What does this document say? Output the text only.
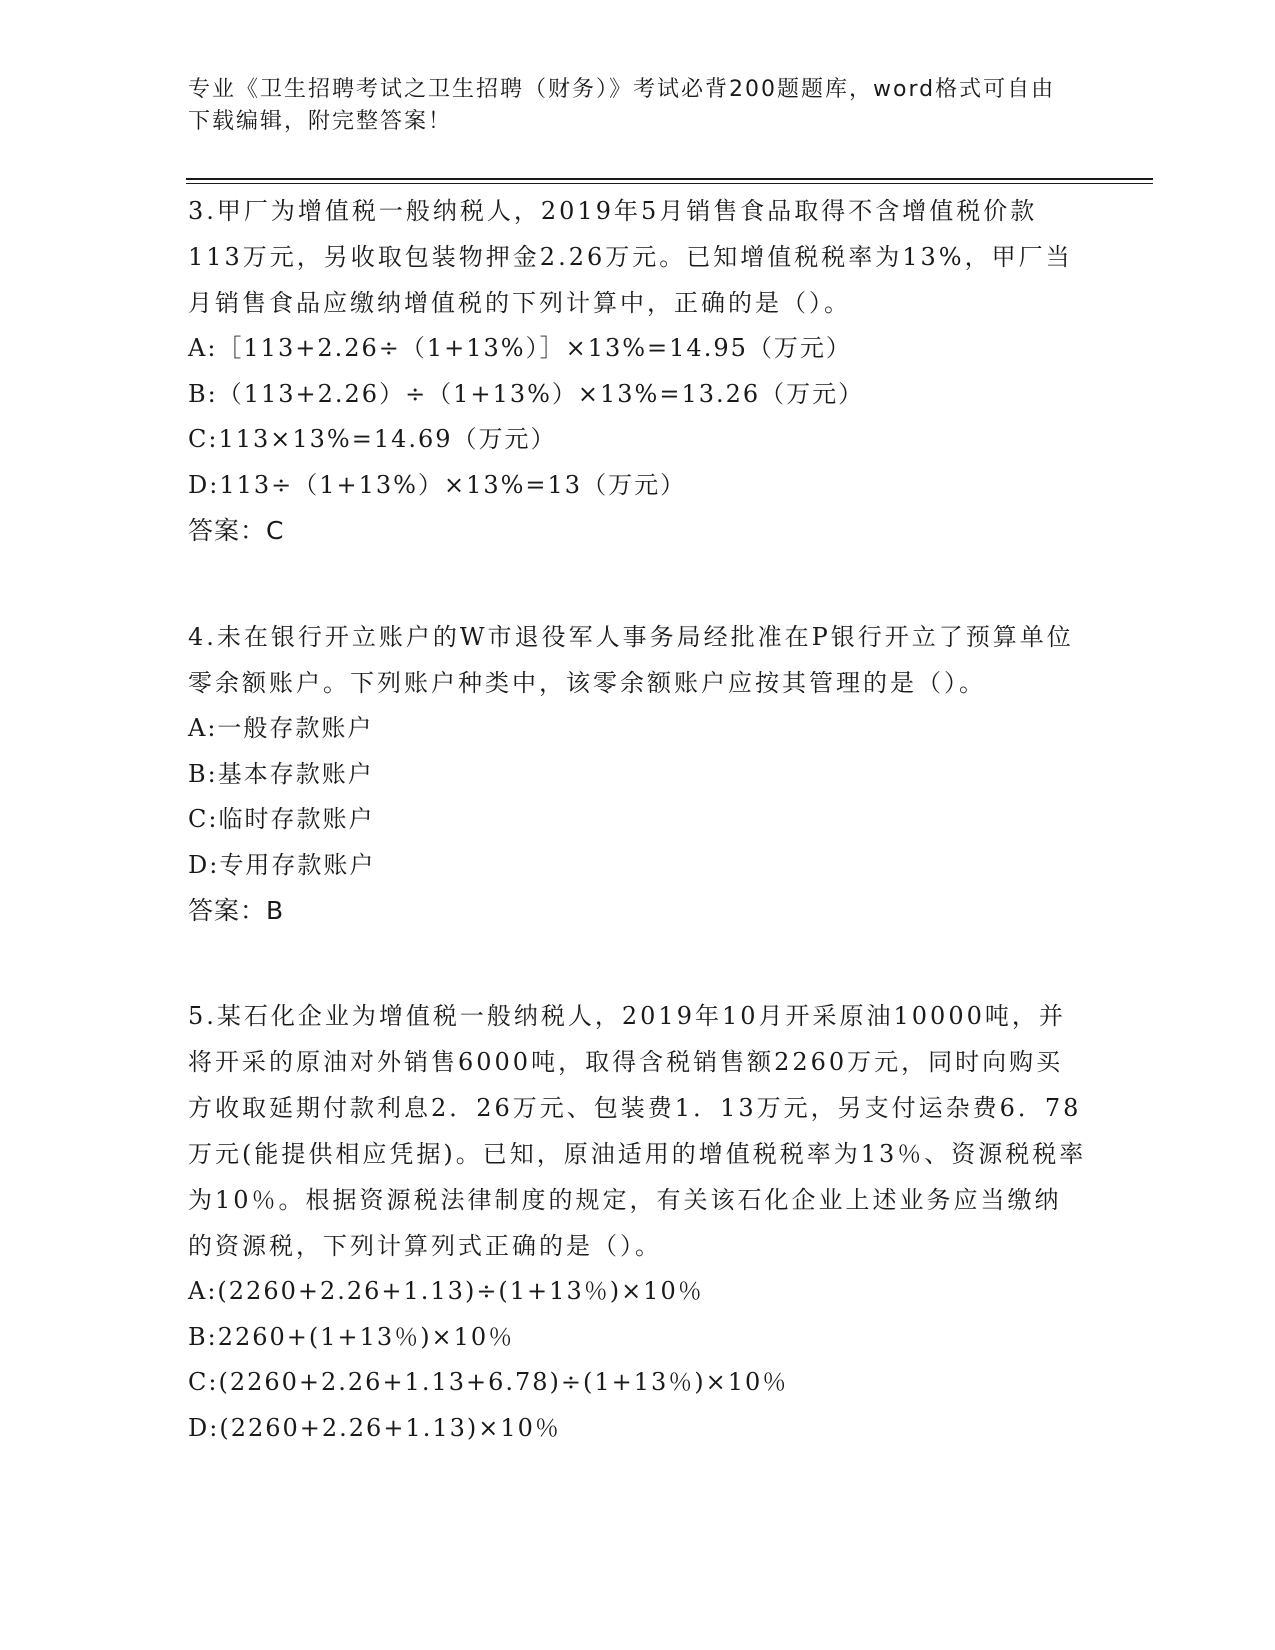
专业《卫生招聘考试之卫生招聘（财务）》考试必背200题题库，word格式可自由下载编辑，附完整答案！

3.甲厂为增值税一般纳税人，2019年5月销售食品取得不含增值税价款113万元，另收取包装物押金2.26万元。已知增值税税率为13%，甲厂当月销售食品应缴纳增值税的下列计算中，正确的是（）。

A:［113+2.26÷（1+13%）］×13%=14.95（万元）

B:（113+2.26）÷（1+13%）×13%=13.26（万元）

C:113×13%=14.69（万元）

D:113÷（1+13%）×13%=13（万元）

答案：C

4.未在银行开立账户的W市退役军人事务局经批准在P银行开立了预算单位零余额账户。下列账户种类中，该零余额账户应按其管理的是（）。

A:一般存款账户

B:基本存款账户

C:临时存款账户

D:专用存款账户

答案：B

5.某石化企业为增值税一般纳税人，2019年10月开采原油10000吨，并将开采的原油对外销售6000吨，取得含税销售额2260万元，同时向购买方收取延期付款利息2．26万元、包装费1．13万元，另支付运杂费6．78万元(能提供相应凭据)。已知，原油适用的增值税税率为13％、资源税税率为10％。根据资源税法律制度的规定，有关该石化企业上述业务应当缴纳的资源税，下列计算列式正确的是（）。

A:(2260+2.26+1.13)÷(1+13％)×10％

B:2260+(1+13％)×10％

C:(2260+2.26+1.13+6.78)÷(1+13％)×10％

D:(2260+2.26+1.13)×10％
